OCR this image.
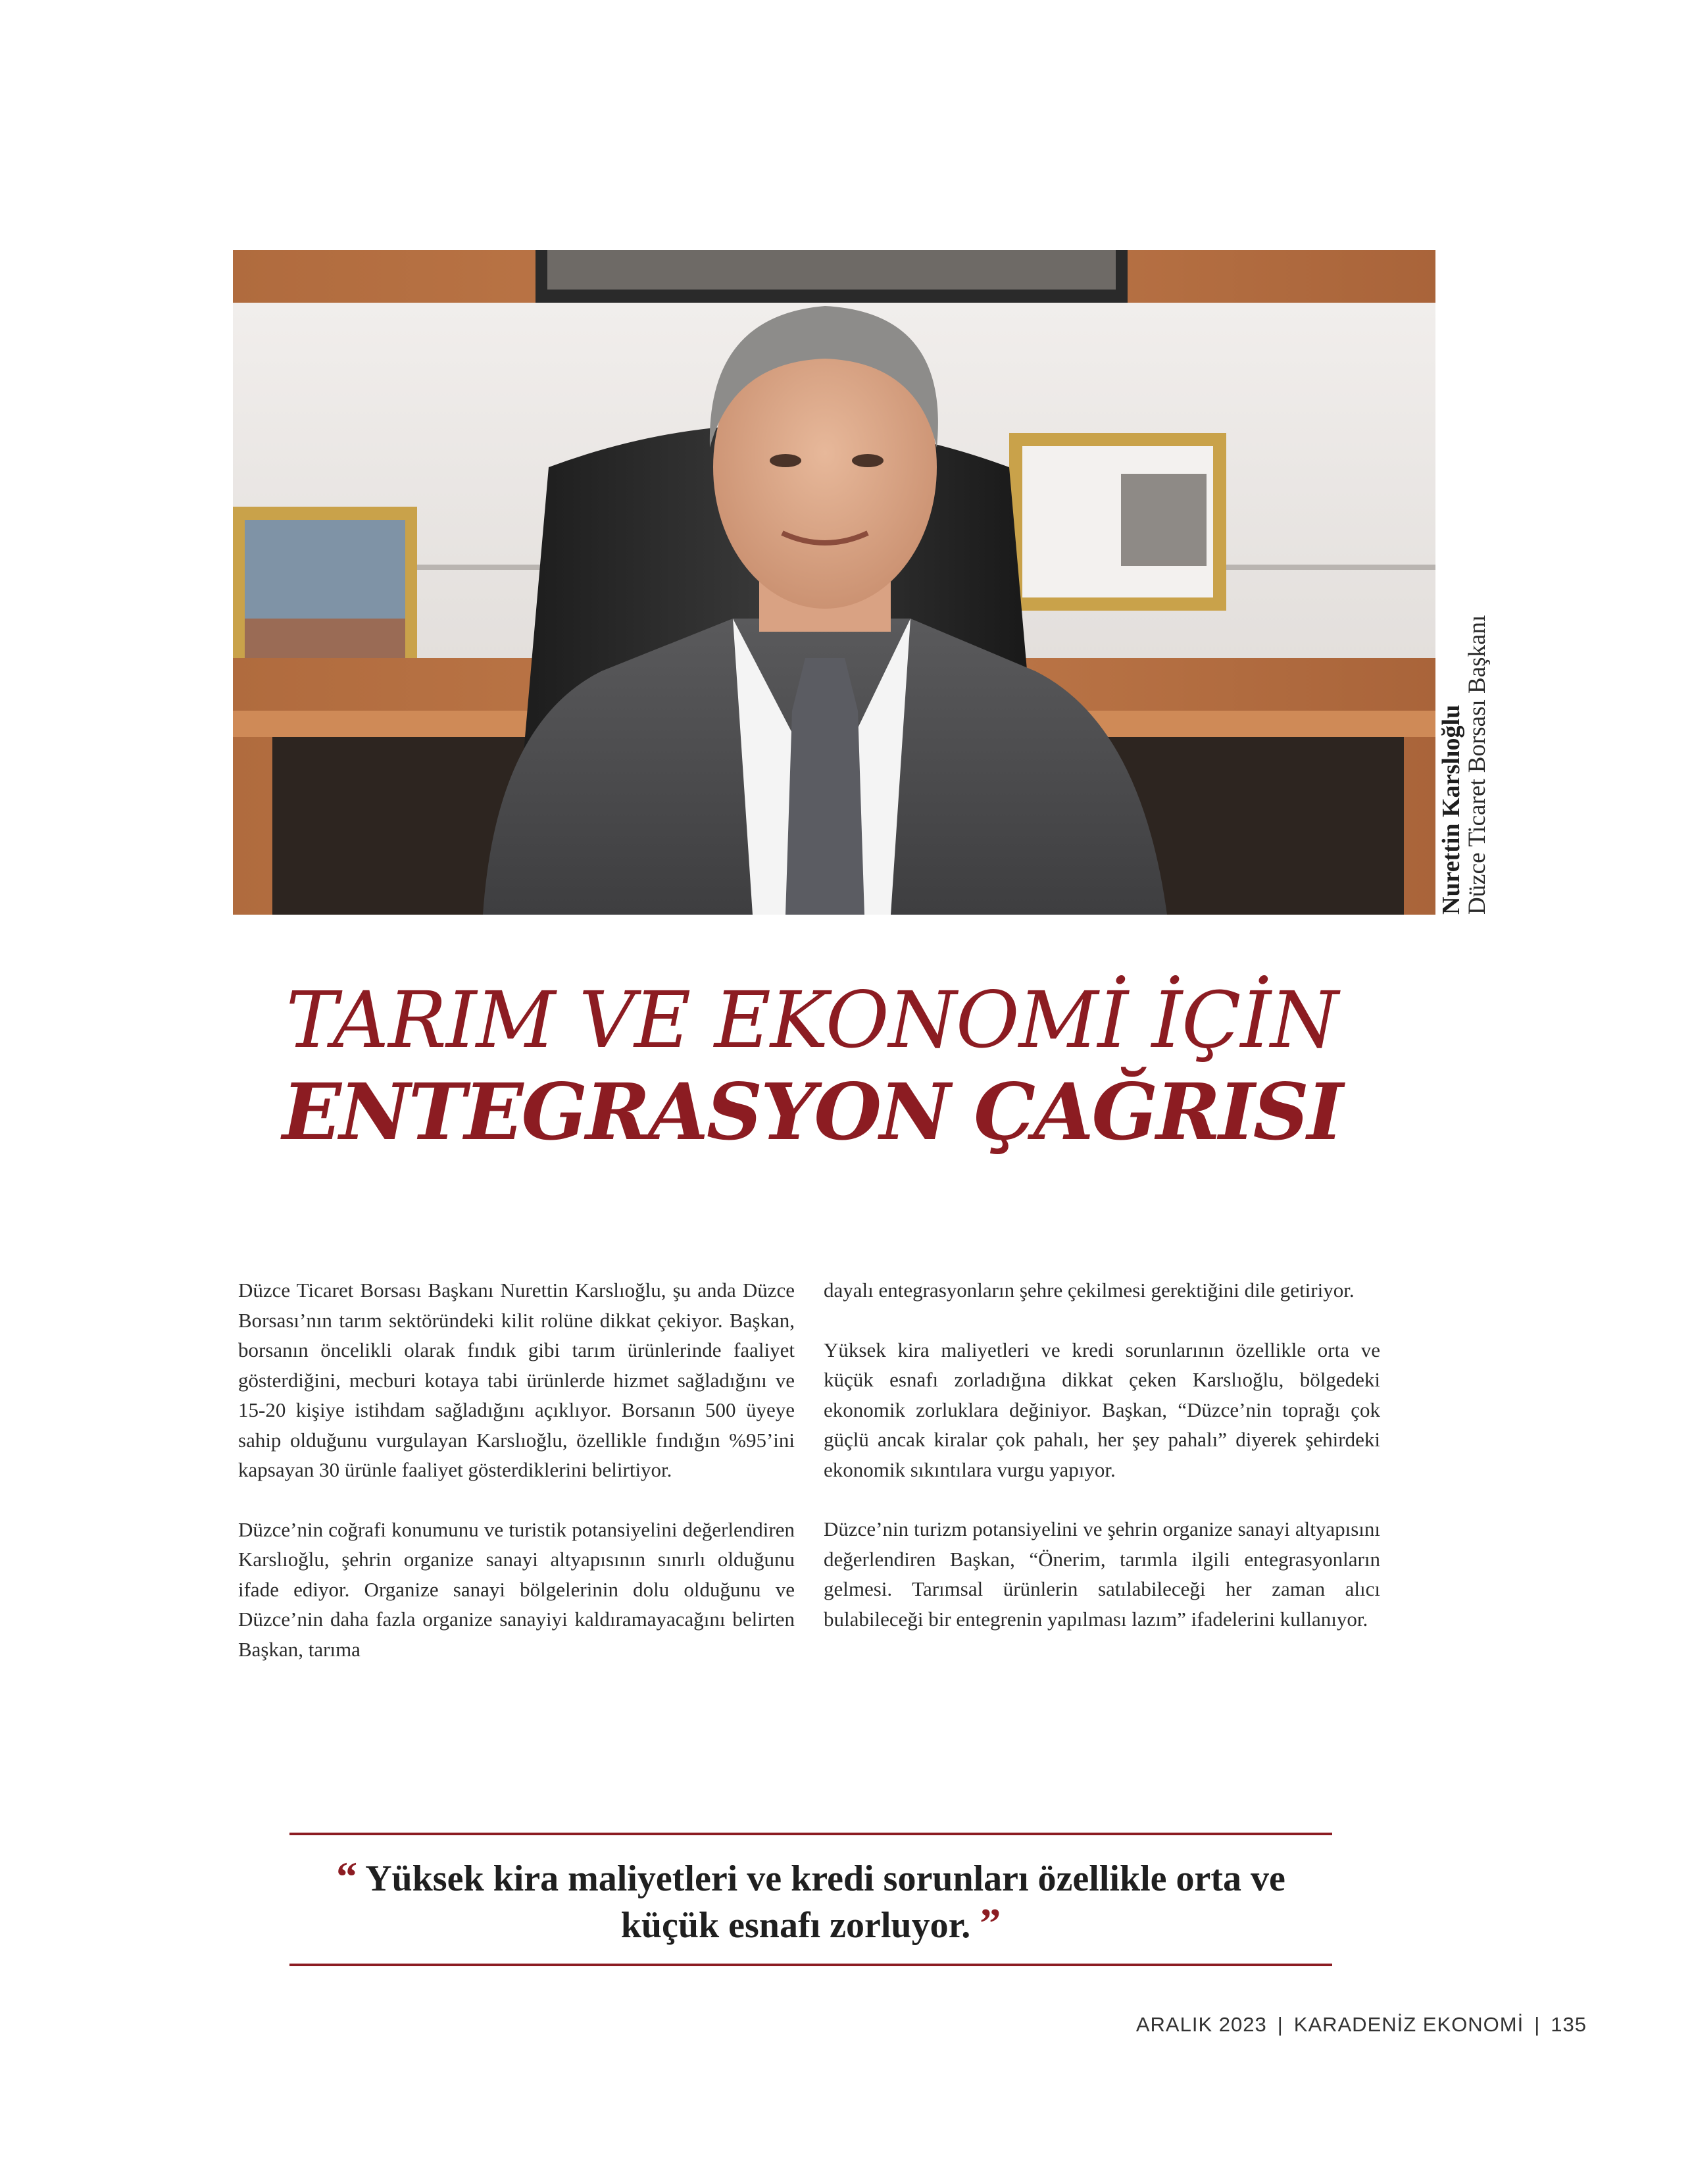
Nurettin Karslıoğlu
Düzce Ticaret Borsası Başkanı
TARIM VE EKONOMİ İÇİN
ENTEGRASYON ÇAĞRISI

Düzce Ticaret Borsası Başkanı Nurettin Karslıoğlu, şu anda Düzce Borsası’nın tarım sektöründeki kilit rolüne dikkat çekiyor. Başkan, borsanın öncelikli olarak fındık gibi tarım ürünlerinde faaliyet gösterdiğini, mecburi kotaya tabi ürünlerde hizmet sağladığını ve 15-20 kişiye istihdam sağladığını açıklıyor. Borsanın 500 üyeye sahip olduğunu vurgulayan Karslıoğlu, özellikle fındığın %95’ini kapsayan 30 ürünle faaliyet gösterdiklerini belirtiyor.

Düzce’nin coğrafi konumunu ve turistik potansiyelini değerlendiren Karslıoğlu, şehrin organize sanayi altyapısının sınırlı olduğunu ifade ediyor. Organize sanayi bölgelerinin dolu olduğunu ve Düzce’nin daha fazla organize sanayiyi kaldıramayacağını belirten Başkan, tarıma

dayalı entegrasyonların şehre çekilmesi gerektiğini dile getiriyor.

Yüksek kira maliyetleri ve kredi sorunlarının özellikle orta ve küçük esnafı zorladığına dikkat çeken Karslıoğlu, bölgedeki ekonomik zorluklara değiniyor. Başkan, “Düzce’nin toprağı çok güçlü ancak kiralar çok pahalı, her şey pahalı” diyerek şehirdeki ekonomik sıkıntılara vurgu yapıyor.

Düzce’nin turizm potansiyelini ve şehrin organize sanayi altyapısını değerlendiren Başkan, “Önerim, tarımla ilgili entegrasyonların gelmesi. Tarımsal ürünlerin satılabileceği her zaman alıcı bulabileceği bir entegrenin yapılması lazım” ifadelerini kullanıyor.

“ Yüksek kira maliyetleri ve kredi sorunları özellikle orta ve küçük esnafı zorluyor. ”
ARALIK 2023 | KARADENİZ EKONOMİ | 135
